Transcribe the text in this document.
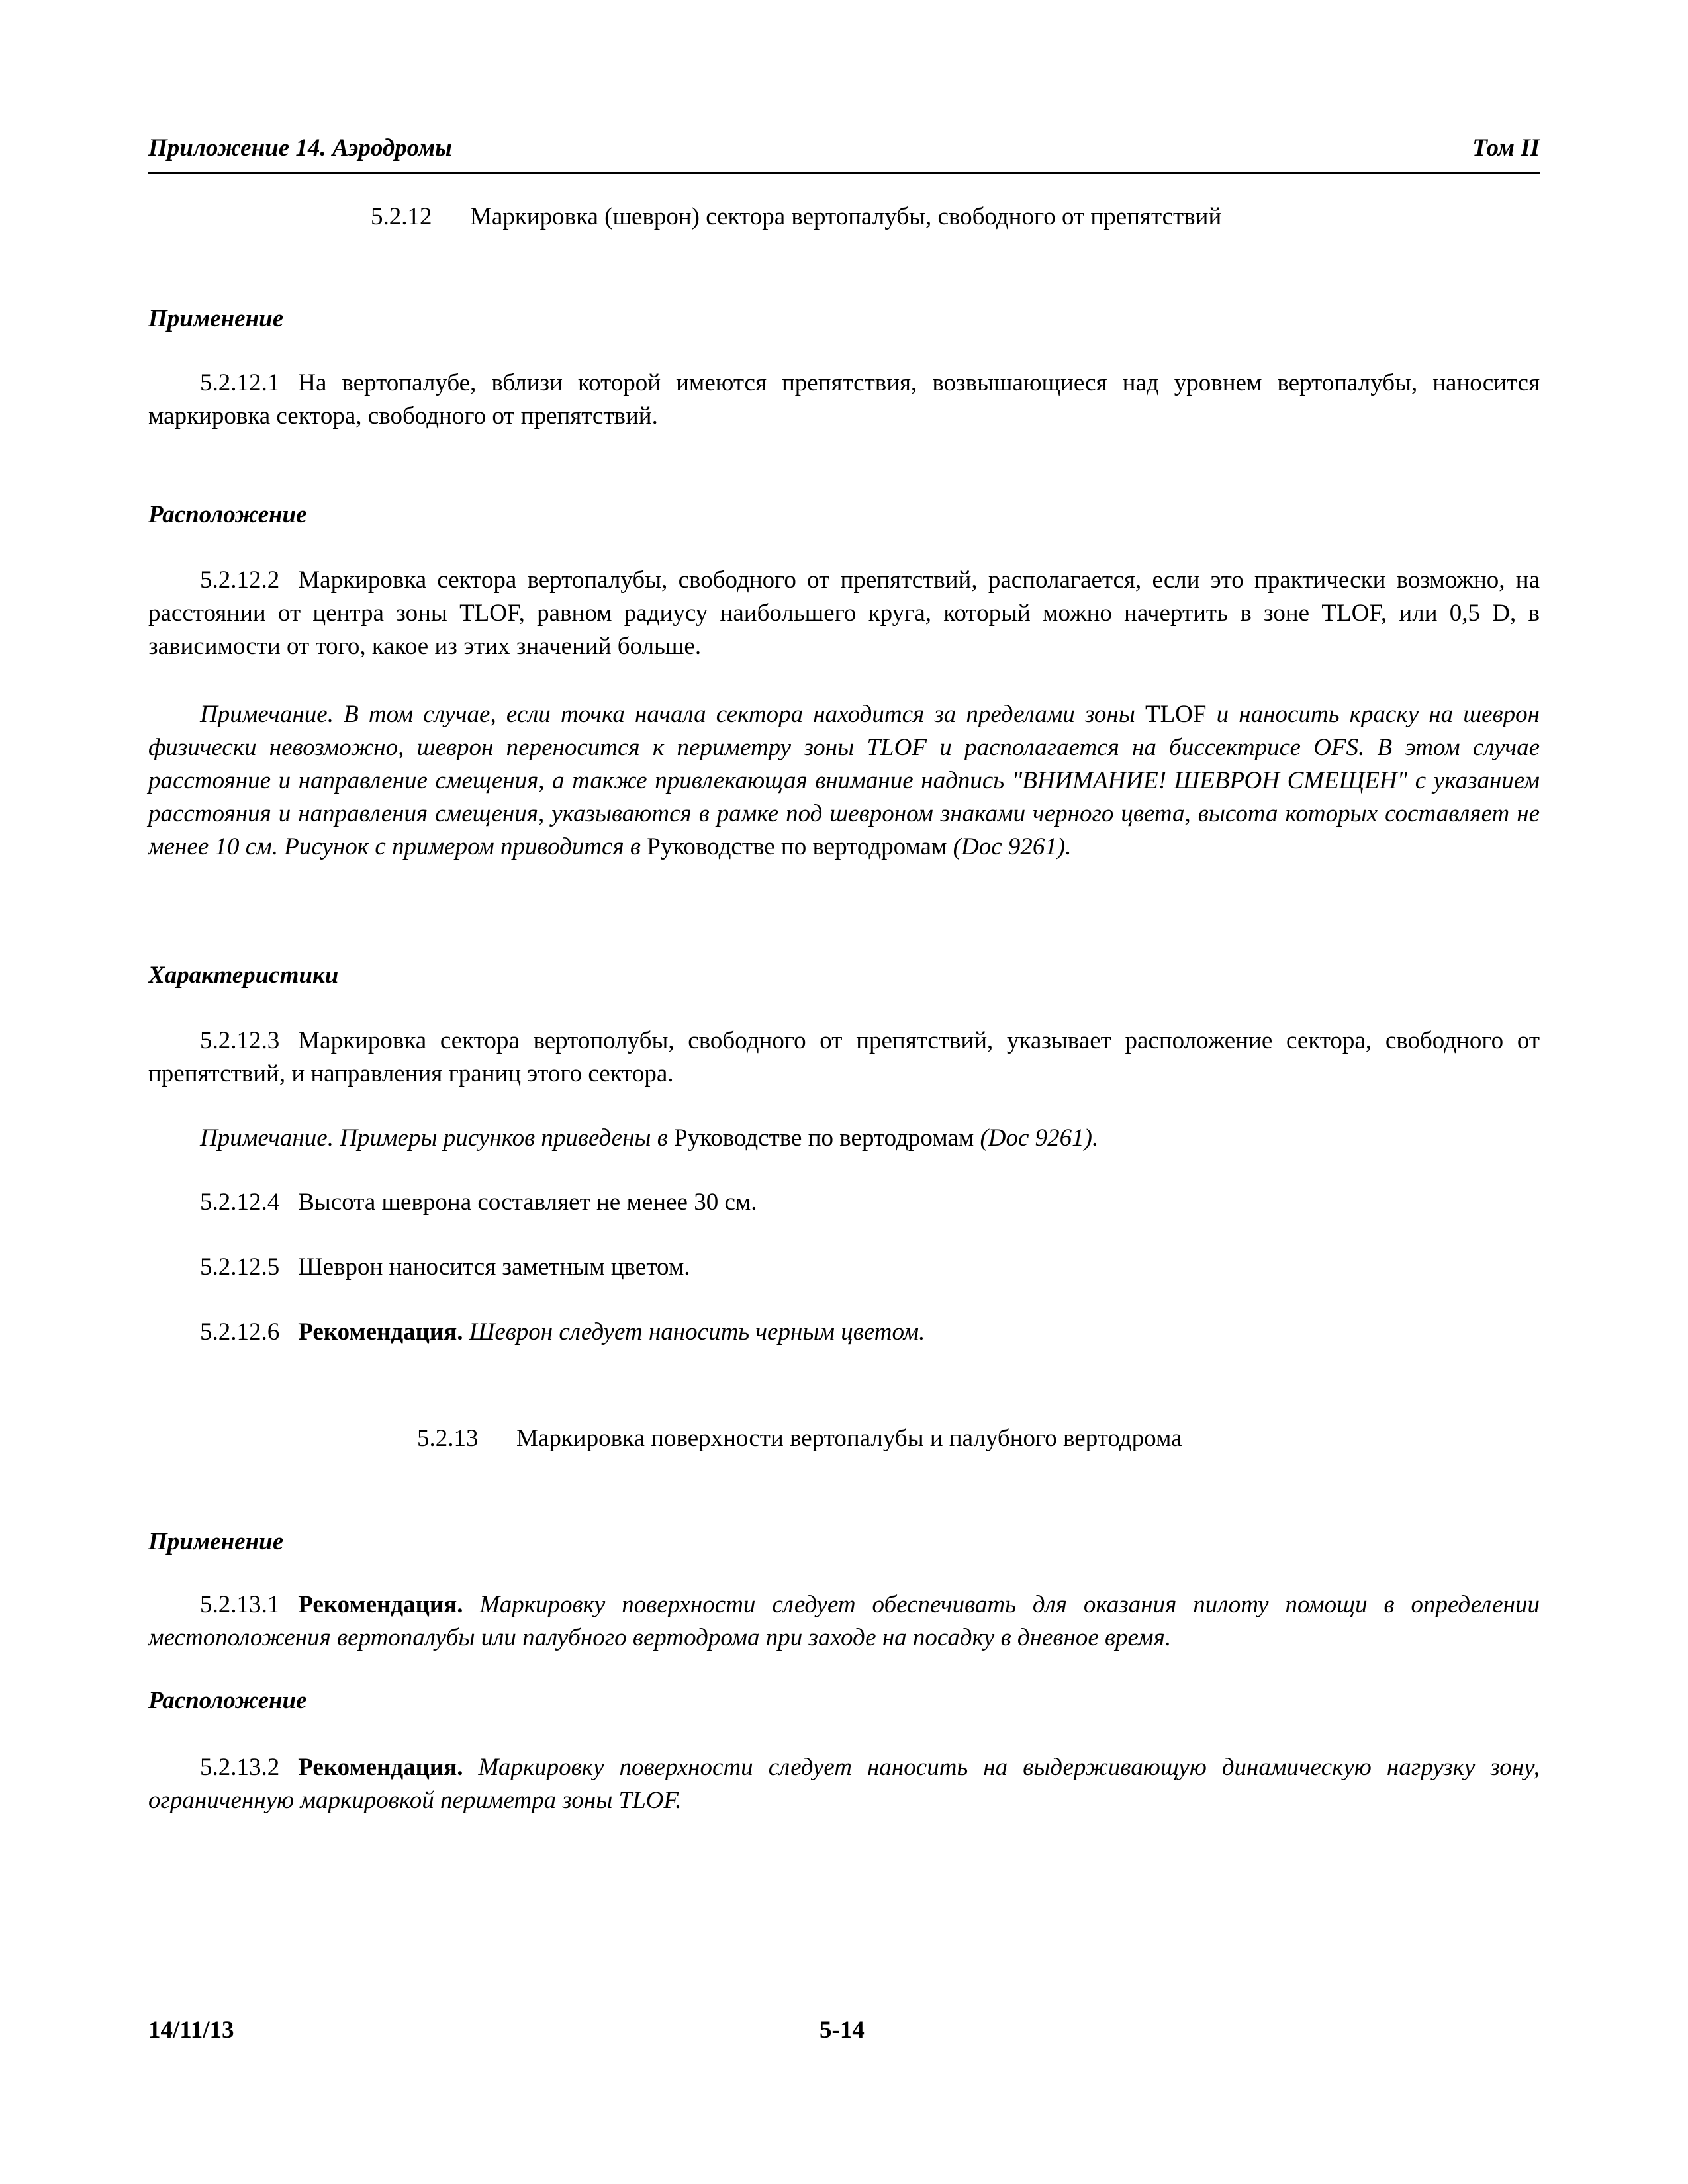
Приложение 14. Аэродромы	Том II
5.2.12 Маркировка (шеврон) сектора вертопалубы, свободного от препятствий
Применение
5.2.12.1 На вертопалубе, вблизи которой имеются препятствия, возвышающиеся над уровнем вертопалубы, наносится маркировка сектора, свободного от препятствий.
Расположение
5.2.12.2 Маркировка сектора вертопалубы, свободного от препятствий, располагается, если это практически возможно, на расстоянии от центра зоны TLOF, равном радиусу наибольшего круга, который можно начертить в зоне TLOF, или 0,5 D, в зависимости от того, какое из этих значений больше.
Примечание. В том случае, если точка начала сектора находится за пределами зоны TLOF и наносить краску на шеврон физически невозможно, шеврон переносится к периметру зоны TLOF и располагается на биссектрисе OFS. В этом случае расстояние и направление смещения, а также привлекающая внимание надпись "ВНИМАНИЕ! ШЕВРОН СМЕЩЕН" с указанием расстояния и направления смещения, указываются в рамке под шевроном знаками черного цвета, высота которых составляет не менее 10 см. Рисунок с примером приводится в Руководстве по вертодромам (Doc 9261).
Характеристики
5.2.12.3 Маркировка сектора вертополубы, свободного от препятствий, указывает расположение сектора, свободного от препятствий, и направления границ этого сектора.
Примечание. Примеры рисунков приведены в Руководстве по вертодромам (Doc 9261).
5.2.12.4 Высота шеврона составляет не менее 30 см.
5.2.12.5 Шеврон наносится заметным цветом.
5.2.12.6 Рекомендация. Шеврон следует наносить черным цветом.
5.2.13 Маркировка поверхности вертопалубы и палубного вертодрома
Применение
5.2.13.1 Рекомендация. Маркировку поверхности следует обеспечивать для оказания пилоту помощи в определении местоположения вертопалубы или палубного вертодрома при заходе на посадку в дневное время.
Расположение
5.2.13.2 Рекомендация. Маркировку поверхности следует наносить на выдерживающую динамическую нагрузку зону, ограниченную маркировкой периметра зоны TLOF.
14/11/13	5-14
